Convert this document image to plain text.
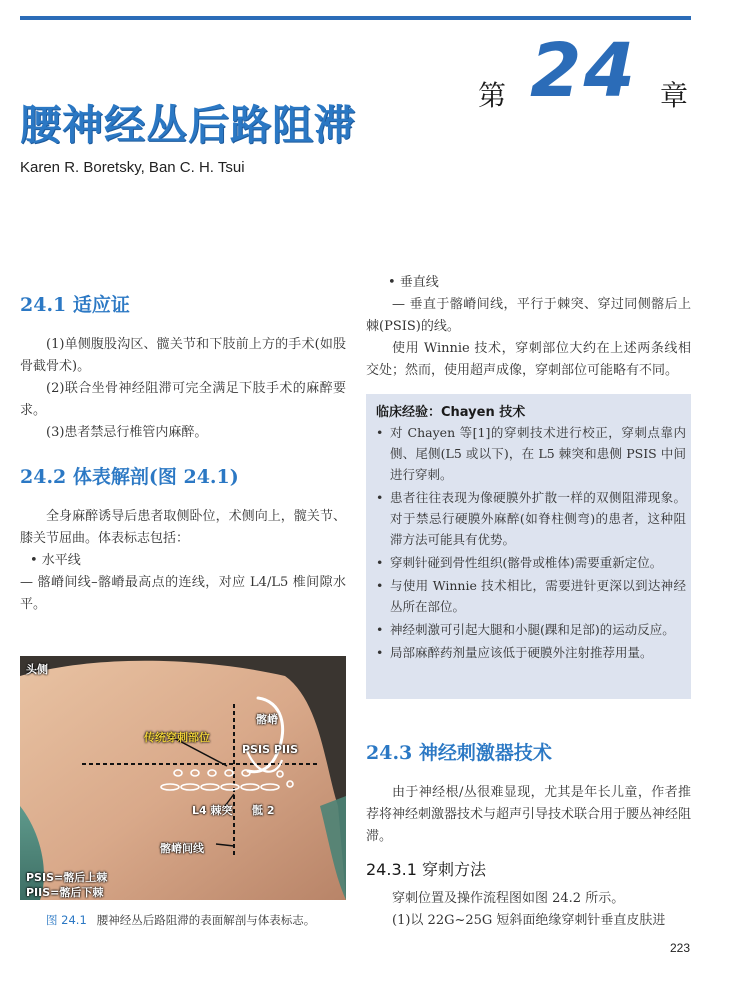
第 24 章
腰神经丛后路阻滞
Karen R. Boretsky, Ban C. H. Tsui
24.1 适应证
(1)单侧腹股沟区、髋关节和下肢前上方的手术(如股骨截骨术)。
(2)联合坐骨神经阻滞可完全满足下肢手术的麻醉要求。
(3)患者禁忌行椎管内麻醉。
24.2 体表解剖(图 24.1)
全身麻醉诱导后患者取侧卧位，术侧向上，髋关节、膝关节屈曲。体表标志包括：
• 水平线
— 髂嵴间线–髂嵴最高点的连线，对应 L4/L5 椎间隙水平。
头侧
髂嵴
传统穿刺部位
PSIS PIIS
L4 棘突 骶 2
髂嵴间线
PSIS=髂后上棘
PIIS=髂后下棘
图 24.1 腰神经丛后路阻滞的表面解剖与体表标志。
• 垂直线
— 垂直于髂嵴间线，平行于棘突、穿过同侧髂后上棘(PSIS)的线。
使用 Winnie 技术，穿刺部位大约在上述两条线相交处；然而，使用超声成像，穿刺部位可能略有不同。
临床经验：Chayen 技术
• 对 Chayen 等[1]的穿刺技术进行校正，穿刺点靠内侧、尾侧(L5 或以下)，在 L5 棘突和患侧 PSIS 中间进行穿刺。
• 患者往往表现为像硬膜外扩散一样的双侧阻滞现象。对于禁忌行硬膜外麻醉(如脊柱侧弯)的患者，这种阻滞方法可能具有优势。
• 穿刺针碰到骨性组织(髂骨或椎体)需要重新定位。
• 与使用 Winnie 技术相比，需要进针更深以到达神经丛所在部位。
• 神经刺激可引起大腿和小腿(踝和足部)的运动反应。
• 局部麻醉药剂量应该低于硬膜外注射推荐用量。
24.3 神经刺激器技术
由于神经根/丛很难显现，尤其是年长儿童，作者推荐将神经刺激器技术与超声引导技术联合用于腰丛神经阻滞。
24.3.1 穿刺方法
穿刺位置及操作流程图如图 24.2 所示。
(1)以 22G~25G 短斜面绝缘穿刺针垂直皮肤进
223
